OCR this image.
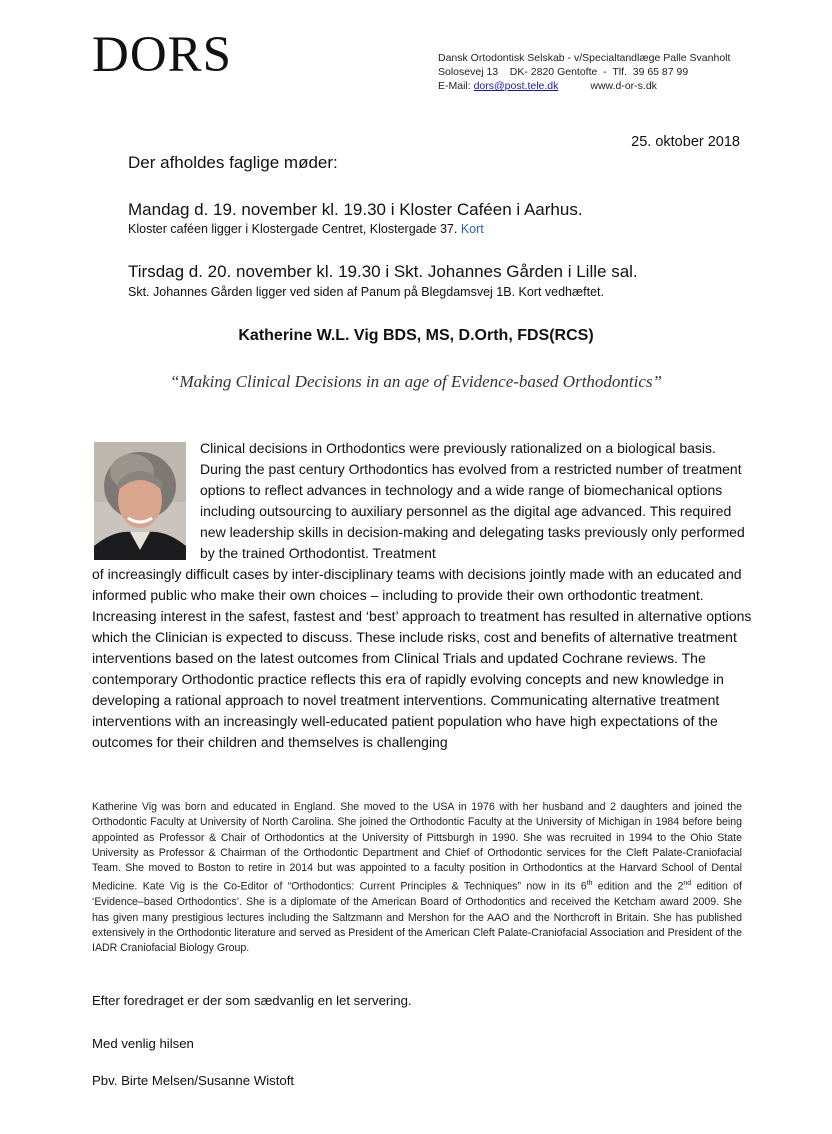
DORS	Dansk Ortodontisk Selskab - v/Specialtandlæge Palle Svanholt
Solosevej 13    DK- 2820 Gentofte  -  Tlf.  39 65 87 99
E-Mail: dors@post.tele.dk	www.d-or-s.dk
25. oktober 2018
Der afholdes faglige møder:
Mandag d. 19. november kl. 19.30 i Kloster Caféen i Aarhus.
Kloster caféen ligger i Klostergade Centret, Klostergade 37. Kort
Tirsdag d. 20. november kl. 19.30 i Skt. Johannes Gården i Lille sal.
Skt. Johannes Gården ligger ved siden af Panum på Blegdamsvej 1B. Kort vedhæftet.
Katherine W.L. Vig BDS, MS, D.Orth, FDS(RCS)
“Making Clinical Decisions in an age of Evidence-based Orthodontics”
Clinical decisions in Orthodontics were previously rationalized on a biological basis. During the past century Orthodontics has evolved from a restricted number of treatment options to reflect advances in technology and a wide range of biomechanical options including outsourcing to auxiliary personnel as the digital age advanced. This required new leadership skills in decision-making and delegating tasks previously only performed by the trained Orthodontist. Treatment
of increasingly difficult cases by inter-disciplinary teams with decisions jointly made with an educated and informed public who make their own choices – including to provide their own orthodontic treatment. Increasing interest in the safest, fastest and ‘best’ approach to treatment has resulted in alternative options which the Clinician is expected to discuss. These include risks, cost and benefits of alternative treatment interventions based on the latest outcomes from Clinical Trials and updated Cochrane reviews. The contemporary Orthodontic practice reflects this era of rapidly evolving concepts and new knowledge in developing a rational approach to novel treatment interventions. Communicating alternative treatment interventions with an increasingly well-educated patient population who have high expectations of the outcomes for their children and themselves is challenging
Katherine Vig was born and educated in England. She moved to the USA in 1976 with her husband and 2 daughters and joined the Orthodontic Faculty at University of North Carolina. She joined the Orthodontic Faculty at the University of Michigan in 1984 before being appointed as Professor & Chair of Orthodontics at the University of Pittsburgh in 1990. She was recruited in 1994 to the Ohio State University as Professor & Chairman of the Orthodontic Department and Chief of Orthodontic services for the Cleft Palate-Craniofacial Team. She moved to Boston to retire in 2014 but was appointed to a faculty position in Orthodontics at the Harvard School of Dental Medicine. Kate Vig is the Co-Editor of “Orthodontics: Current Principles & Techniques” now in its 6th edition and the 2nd edition of ‘Evidence–based Orthodontics’. She is a diplomate of the American Board of Orthodontics and received the Ketcham award 2009. She has given many prestigious lectures including the Saltzmann and Mershon for the AAO and the Northcroft in Britain. She has published extensively in the Orthodontic literature and served as President of the American Cleft Palate-Craniofacial Association and President of the IADR Craniofacial Biology Group.
Efter foredraget er der som sædvanlig en let servering.
Med venlig hilsen
Pbv. Birte Melsen/Susanne Wistoft
